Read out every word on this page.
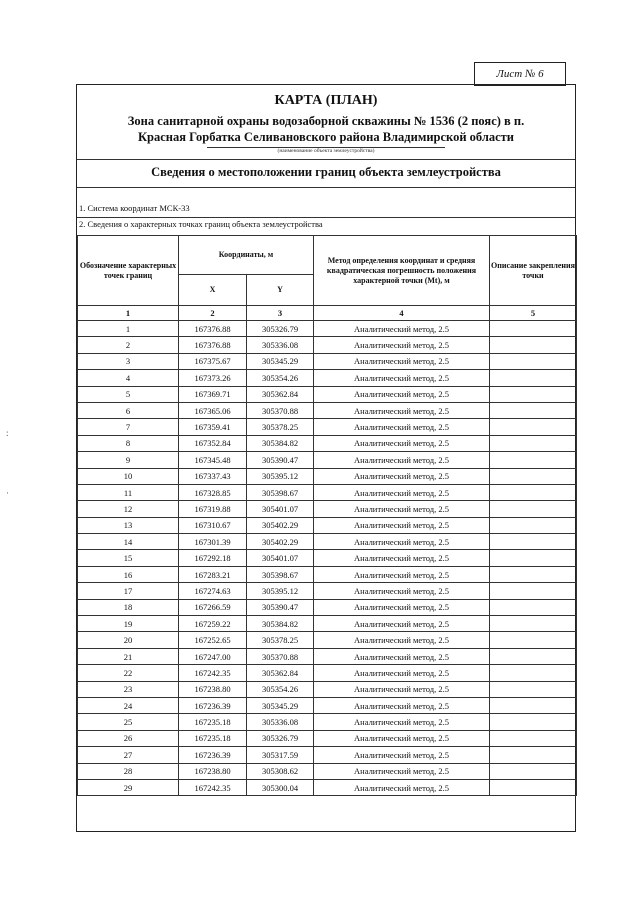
Лист № 6
:
·
КАРТА (ПЛАН)
Зона санитарной охраны водозаборной скважины № 1536 (2 пояс) в п.
Красная Горбатка Селивановского района Владимирской области
(наименование объекта землеустройства)
Сведения о местоположении границ объекта землеустройства
1. Система координат МСК-33
2. Сведения о характерных точках границ объекта землеустройства
Обозначение характерных точек границ	Координаты, м		Метод определения координат и средняя квадратическая погрешность положения характерной точки (Mt), м	Описание закрепления точки
	X	Y		
1	2	3	4	5
1	167376.88	305326.79	Аналитический метод, 2.5	
2	167376.88	305336.08	Аналитический метод, 2.5	
3	167375.67	305345.29	Аналитический метод, 2.5	
4	167373.26	305354.26	Аналитический метод, 2.5	
5	167369.71	305362.84	Аналитический метод, 2.5	
6	167365.06	305370.88	Аналитический метод, 2.5	
7	167359.41	305378.25	Аналитический метод, 2.5	
8	167352.84	305384.82	Аналитический метод, 2.5	
9	167345.48	305390.47	Аналитический метод, 2.5	
10	167337.43	305395.12	Аналитический метод, 2.5	
11	167328.85	305398.67	Аналитический метод, 2.5	
12	167319.88	305401.07	Аналитический метод, 2.5	
13	167310.67	305402.29	Аналитический метод, 2.5	
14	167301.39	305402.29	Аналитический метод, 2.5	
15	167292.18	305401.07	Аналитический метод, 2.5	
16	167283.21	305398.67	Аналитический метод, 2.5	
17	167274.63	305395.12	Аналитический метод, 2.5	
18	167266.59	305390.47	Аналитический метод, 2.5	
19	167259.22	305384.82	Аналитический метод, 2.5	
20	167252.65	305378.25	Аналитический метод, 2.5	
21	167247.00	305370.88	Аналитический метод, 2.5	
22	167242.35	305362.84	Аналитический метод, 2.5	
23	167238.80	305354.26	Аналитический метод, 2.5	
24	167236.39	305345.29	Аналитический метод, 2.5	
25	167235.18	305336.08	Аналитический метод, 2.5	
26	167235.18	305326.79	Аналитический метод, 2.5	
27	167236.39	305317.59	Аналитический метод, 2.5	
28	167238.80	305308.62	Аналитический метод, 2.5	
29	167242.35	305300.04	Аналитический метод, 2.5	
